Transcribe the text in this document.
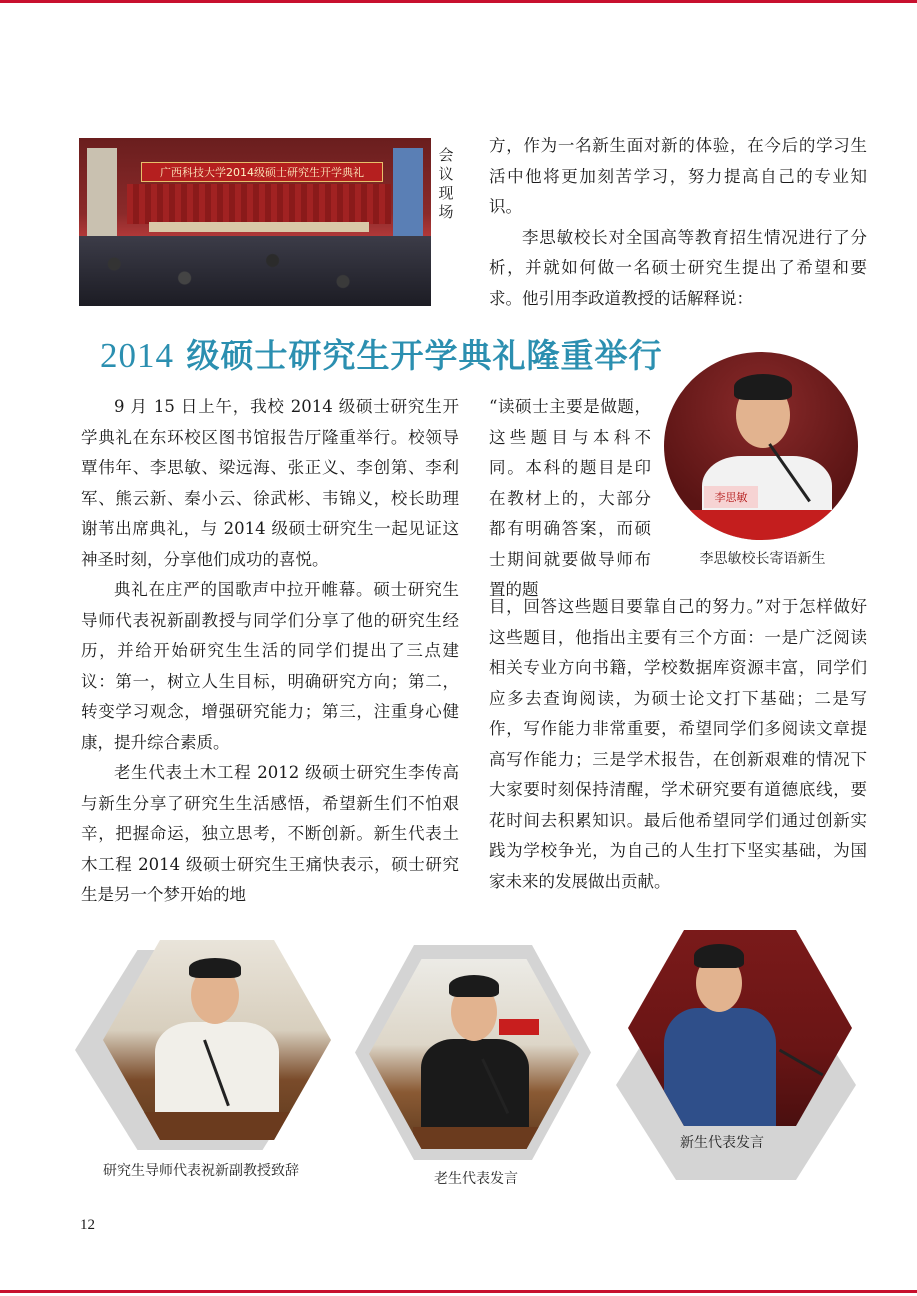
广西科技大学2014级硕士研究生开学典礼
会议现场

方，作为一名新生面对新的体验，在今后的学习生活中他将更加刻苦学习，努力提高自己的专业知识。

李思敏校长对全国高等教育招生情况进行了分析，并就如何做一名硕士研究生提出了希望和要求。他引用李政道教授的话解释说：

2014 级硕士研究生开学典礼隆重举行

9 月 15 日上午，我校 2014 级硕士研究生开学典礼在东环校区图书馆报告厅隆重举行。校领导覃伟年、李思敏、梁远海、张正义、李创第、李利军、熊云新、秦小云、徐武彬、韦锦义，校长助理谢苇出席典礼，与 2014 级硕士研究生一起见证这神圣时刻，分享他们成功的喜悦。

典礼在庄严的国歌声中拉开帷幕。硕士研究生导师代表祝新副教授与同学们分享了他的研究生经历，并给开始研究生生活的同学们提出了三点建议：第一，树立人生目标，明确研究方向；第二，转变学习观念，增强研究能力；第三，注重身心健康，提升综合素质。

老生代表土木工程 2012 级硕士研究生李传高与新生分享了研究生生活感悟，希望新生们不怕艰辛，把握命运，独立思考，不断创新。新生代表土木工程 2014 级硕士研究生王痛快表示，硕士研究生是另一个梦开始的地

“读硕士主要是做题，这些题目与本科不同。本科的题目是印在教材上的，大部分都有明确答案，而硕士期间就要做导师布置的题

李思敏
李思敏校长寄语新生

目，回答这些题目要靠自己的努力。”对于怎样做好这些题目，他指出主要有三个方面：一是广泛阅读相关专业方向书籍，学校数据库资源丰富，同学们应多去查询阅读，为硕士论文打下基础；二是写作，写作能力非常重要，希望同学们多阅读文章提高写作能力；三是学术报告，在创新艰难的情况下大家要时刻保持清醒，学术研究要有道德底线，要花时间去积累知识。最后他希望同学们通过创新实践为学校争光，为自己的人生打下坚实基础，为国家未来的发展做出贡献。

研究生导师代表祝新副教授致辞	老生代表发言
新生代表发言
12
